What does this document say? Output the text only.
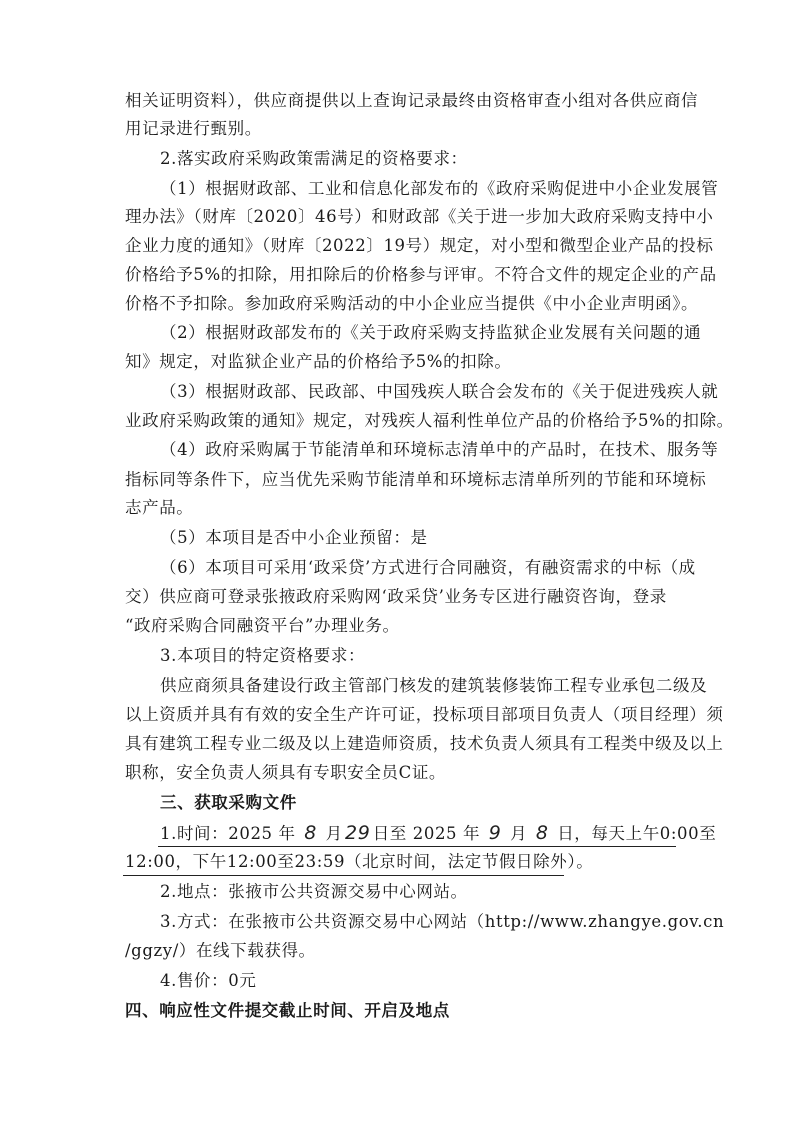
相关证明资料），供应商提供以上查询记录最终由资格审查小组对各供应商信
用记录进行甄别。
2.落实政府采购政策需满足的资格要求：
（1）根据财政部、工业和信息化部发布的《政府采购促进中小企业发展管
理办法》（财库〔2020〕46号）和财政部《关于进一步加大政府采购支持中小
企业力度的通知》（财库〔2022〕19号）规定，对小型和微型企业产品的投标
价格给予5%的扣除，用扣除后的价格参与评审。不符合文件的规定企业的产品
价格不予扣除。参加政府采购活动的中小企业应当提供《中小企业声明函》。
（2）根据财政部发布的《关于政府采购支持监狱企业发展有关问题的通
知》规定，对监狱企业产品的价格给予5%的扣除。
（3）根据财政部、民政部、中国残疾人联合会发布的《关于促进残疾人就
业政府采购政策的通知》规定，对残疾人福利性单位产品的价格给予5%的扣除。
（4）政府采购属于节能清单和环境标志清单中的产品时，在技术、服务等
指标同等条件下，应当优先采购节能清单和环境标志清单所列的节能和环境标
志产品。
（5）本项目是否中小企业预留：是
（6）本项目可采用‘政采贷’方式进行合同融资，有融资需求的中标（成
交）供应商可登录张掖政府采购网‘政采贷’业务专区进行融资咨询，登录
“政府采购合同融资平台”办理业务。
3.本项目的特定资格要求：
供应商须具备建设行政主管部门核发的建筑装修装饰工程专业承包二级及
以上资质并具有有效的安全生产许可证，投标项目部项目负责人（项目经理）须
具有建筑工程专业二级及以上建造师资质，技术负责人须具有工程类中级及以上
职称，安全负责人须具有专职安全员C证。
三、获取采购文件
1.时间：2025 年 8 月 29 日至 2025 年 9 月 8 日，每天上午0:00至
12:00，下午12:00至23:59（北京时间，法定节假日除外）。
2.地点：张掖市公共资源交易中心网站。
3.方式：在张掖市公共资源交易中心网站（http://www.zhangye.gov.cn
/ggzy/）在线下载获得。
4.售价：0元
四、响应性文件提交截止时间、开启及地点
